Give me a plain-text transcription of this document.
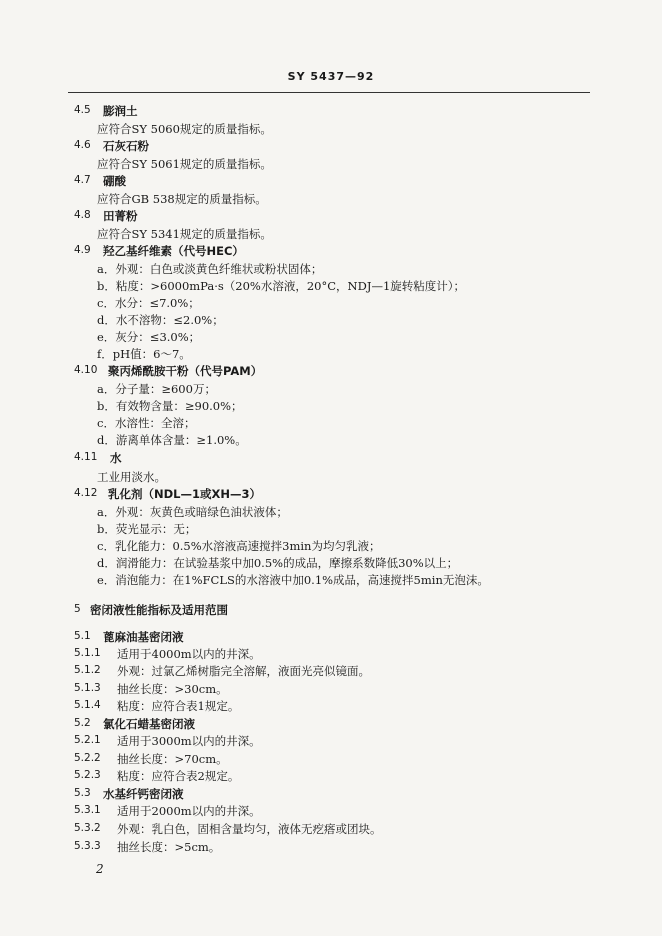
SY 5437—92
4.5 膨润土
应符合SY 5060规定的质量指标。
4.6 石灰石粉
应符合SY 5061规定的质量指标。
4.7 硼酸
应符合GB 538规定的质量指标。
4.8 田菁粉
应符合SY 5341规定的质量指标。
4.9 羟乙基纤维素（代号HEC）
a．外观：白色或淡黄色纤维状或粉状固体；
b．粘度：>6000mPa·s（20%水溶液，20°C，NDJ—1旋转粘度计）；
c．水分：≤7.0%；
d．水不溶物：≤2.0%；
e．灰分：≤3.0%；
f．pH值：6～7。
4.10 聚丙烯酰胺干粉（代号PAM）
a．分子量：≥600万；
b．有效物含量：≥90.0%；
c．水溶性：全溶；
d．游离单体含量：≥1.0%。
4.11 水
工业用淡水。
4.12 乳化剂（NDL—1或XH—3）
a．外观：灰黄色或暗绿色油状液体；
b．荧光显示：无；
c．乳化能力：0.5%水溶液高速搅拌3min为均匀乳液；
d．润滑能力：在试验基浆中加0.5%的成品，摩擦系数降低30%以上；
e．消泡能力：在1%FCLS的水溶液中加0.1%成品，高速搅拌5min无泡沫。
5 密闭液性能指标及适用范围
5.1 蓖麻油基密闭液
5.1.1 适用于4000m以内的井深。
5.1.2 外观：过氯乙烯树脂完全溶解，液面光亮似镜面。
5.1.3 抽丝长度：>30cm。
5.1.4 粘度：应符合表1规定。
5.2 氯化石蜡基密闭液
5.2.1 适用于3000m以内的井深。
5.2.2 抽丝长度：>70cm。
5.2.3 粘度：应符合表2规定。
5.3 水基纤钙密闭液
5.3.1 适用于2000m以内的井深。
5.3.2 外观：乳白色，固相含量均匀，液体无疙瘩或团块。
5.3.3 抽丝长度：>5cm。
2
